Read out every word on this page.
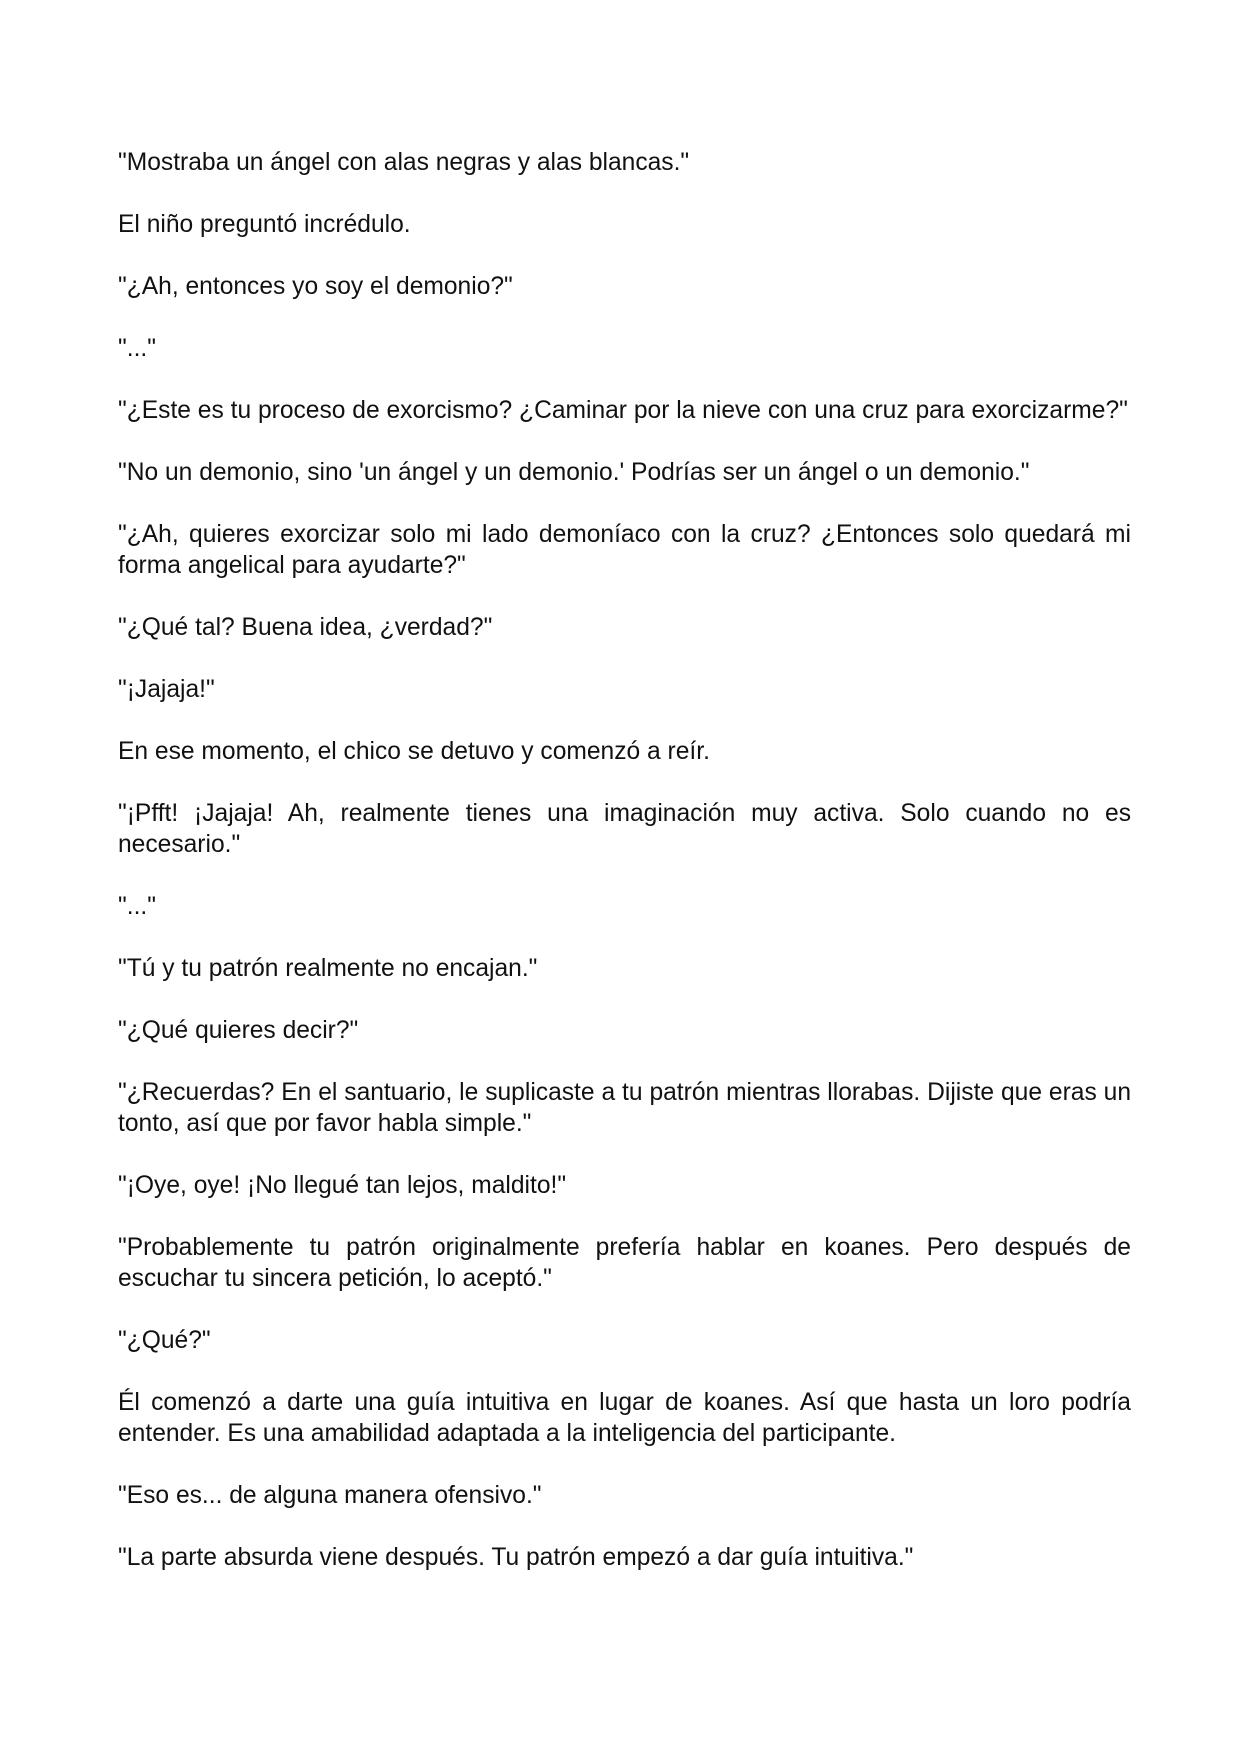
"Mostraba un ángel con alas negras y alas blancas."

El niño preguntó incrédulo.

"¿Ah, entonces yo soy el demonio?"

"..."

"¿Este es tu proceso de exorcismo? ¿Caminar por la nieve con una cruz para exorcizarme?"

"No un demonio, sino 'un ángel y un demonio.' Podrías ser un ángel o un demonio."

"¿Ah, quieres exorcizar solo mi lado demoníaco con la cruz? ¿Entonces solo quedará mi forma angelical para ayudarte?"

"¿Qué tal? Buena idea, ¿verdad?"

"¡Jajaja!"

En ese momento, el chico se detuvo y comenzó a reír.

"¡Pfft! ¡Jajaja! Ah, realmente tienes una imaginación muy activa. Solo cuando no es necesario."

"..."

"Tú y tu patrón realmente no encajan."

"¿Qué quieres decir?"

"¿Recuerdas? En el santuario, le suplicaste a tu patrón mientras llorabas. Dijiste que eras un tonto, así que por favor habla simple."

"¡Oye, oye! ¡No llegué tan lejos, maldito!"

"Probablemente tu patrón originalmente prefería hablar en koanes. Pero después de escuchar tu sincera petición, lo aceptó."

"¿Qué?"

Él comenzó a darte una guía intuitiva en lugar de koanes. Así que hasta un loro podría entender. Es una amabilidad adaptada a la inteligencia del participante.

"Eso es... de alguna manera ofensivo."

"La parte absurda viene después. Tu patrón empezó a dar guía intuitiva."
